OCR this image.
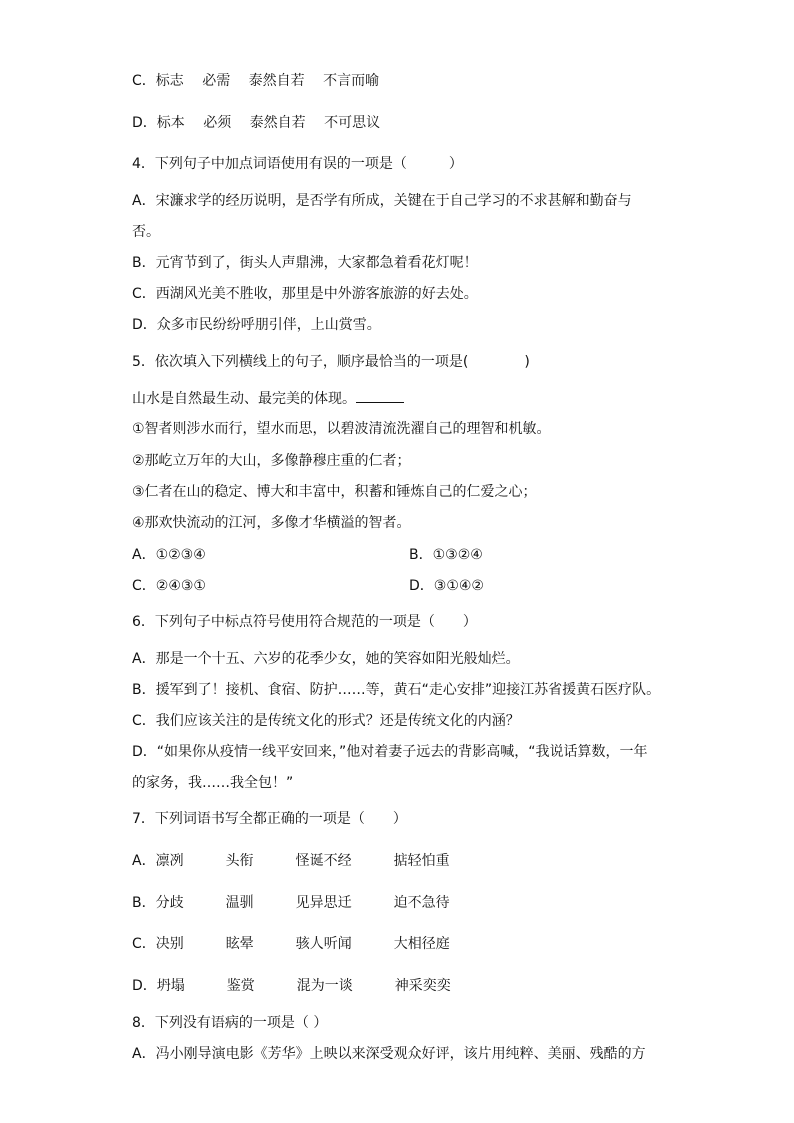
C．标志　 必需　 泰然自若　 不言而喻
D．标本　 必须　 泰然自若　 不可思议
4．下列句子中加点词语使用有误的一项是（　　　）
A．宋濂求学的经历说明，是否学有所成，关键在于自己学习的不求甚解和勤奋与
否。
B．元宵节到了，街头人声鼎沸，大家都急着看花灯呢！
C．西湖风光美不胜收，那里是中外游客旅游的好去处。
D．众多市民纷纷呼朋引伴，上山赏雪。
5．依次填入下列横线上的句子，顺序最恰当的一项是(　　　　)
山水是自然最生动、最完美的体现。
①智者则涉水而行，望水而思，以碧波清流洗濯自己的理智和机敏。
②那屹立万年的大山，多像静穆庄重的仁者；
③仁者在山的稳定、博大和丰富中，积蓄和锤炼自己的仁爱之心；
④那欢快流动的江河，多像才华横溢的智者。
A．①②③④	B．①③②④
C．②④③①	D．③①④②
6．下列句子中标点符号使用符合规范的一项是（　　）
A．那是一个十五、六岁的花季少女，她的笑容如阳光般灿烂。
B．援军到了！接机、食宿、防护……等，黄石“走心安排”迎接江苏省援黄石医疗队。
C．我们应该关注的是传统文化的形式？还是传统文化的内涵？
D．“如果你从疫情一线平安回来，”他对着妻子远去的背影高喊，“我说话算数，一年
的家务，我……我全包！”
7．下列词语书写全都正确的一项是（　　）
A．凛冽　　　头衔　　　怪诞不经　　　掂轻怕重
B．分歧　　　温驯　　　见异思迁　　　迫不急待
C．决别　　　眩晕　　　骇人听闻　　　大相径庭
D．坍塌　　　鉴赏　　　混为一谈　　　神采奕奕
8．下列没有语病的一项是（ ）
A．冯小刚导演电影《芳华》上映以来深受观众好评，该片用纯粹、美丽、残酷的方
